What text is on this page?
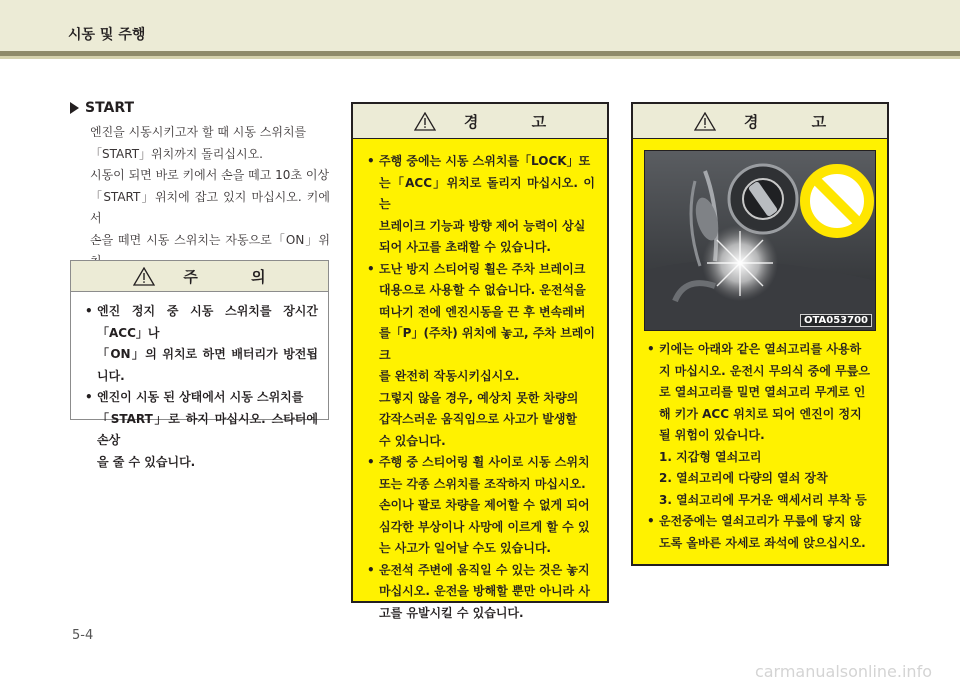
시동 및 주행
START

엔진을 시동시키고자 할 때 시동 스위치를

「START」위치까지 돌리십시오.

시동이 되면 바로 키에서 손을 떼고 10초 이상

「START」위치에 잡고 있지 마십시오. 키에서

손을 떼면 시동 스위치는 자동으로「ON」위

주 의
• 엔진 정지 중 시동 스위치를 장시간「ACC」나
「ON」의 위치로 하면 배터리가 방전됩니다.
• 엔진이 시동 된 상태에서 시동 스위치를
「START」로 하지 마십시오. 스타터에 손상
을 줄 수 있습니다.
경 고
• 주행 중에는 시동 스위치를「LOCK」또
는「ACC」위치로 돌리지 마십시오. 이는
브레이크 기능과 방향 제어 능력이 상실
되어 사고를 초래할 수 있습니다.
• 도난 방지 스티어링 휠은 주차 브레이크
대용으로 사용할 수 없습니다. 운전석을
떠나기 전에 엔진시동을 끈 후 변속레버
를「P」(주차) 위치에 놓고, 주차 브레이크
를 완전히 작동시키십시오.
그렇지 않을 경우, 예상치 못한 차량의
갑작스러운 움직임으로 사고가 발생할
수 있습니다.
• 주행 중 스티어링 휠 사이로 시동 스위치
또는 각종 스위치를 조작하지 마십시오.
손이나 팔로 차량을 제어할 수 없게 되어
심각한 부상이나 사망에 이르게 할 수 있
는 사고가 일어날 수도 있습니다.
• 운전석 주변에 움직일 수 있는 것은 놓지
마십시오. 운전을 방해할 뿐만 아니라 사
고를 유발시킬 수 있습니다.
경 고
OTA053700
• 키에는 아래와 같은 열쇠고리를 사용하
지 마십시오. 운전시 무의식 중에 무릎으
로 열쇠고리를 밀면 열쇠고리 무게로 인
해 키가 ACC 위치로 되어 엔진이 정지
될 위험이 있습니다.
1. 지갑형 열쇠고리
2. 열쇠고리에 다량의 열쇠 장착
3. 열쇠고리에 무거운 액세서리 부착 등
• 운전중에는 열쇠고리가 무릎에 닿지 않
도록 올바른 자세로 좌석에 앉으십시오.
5-4
carmanualsonline.info
